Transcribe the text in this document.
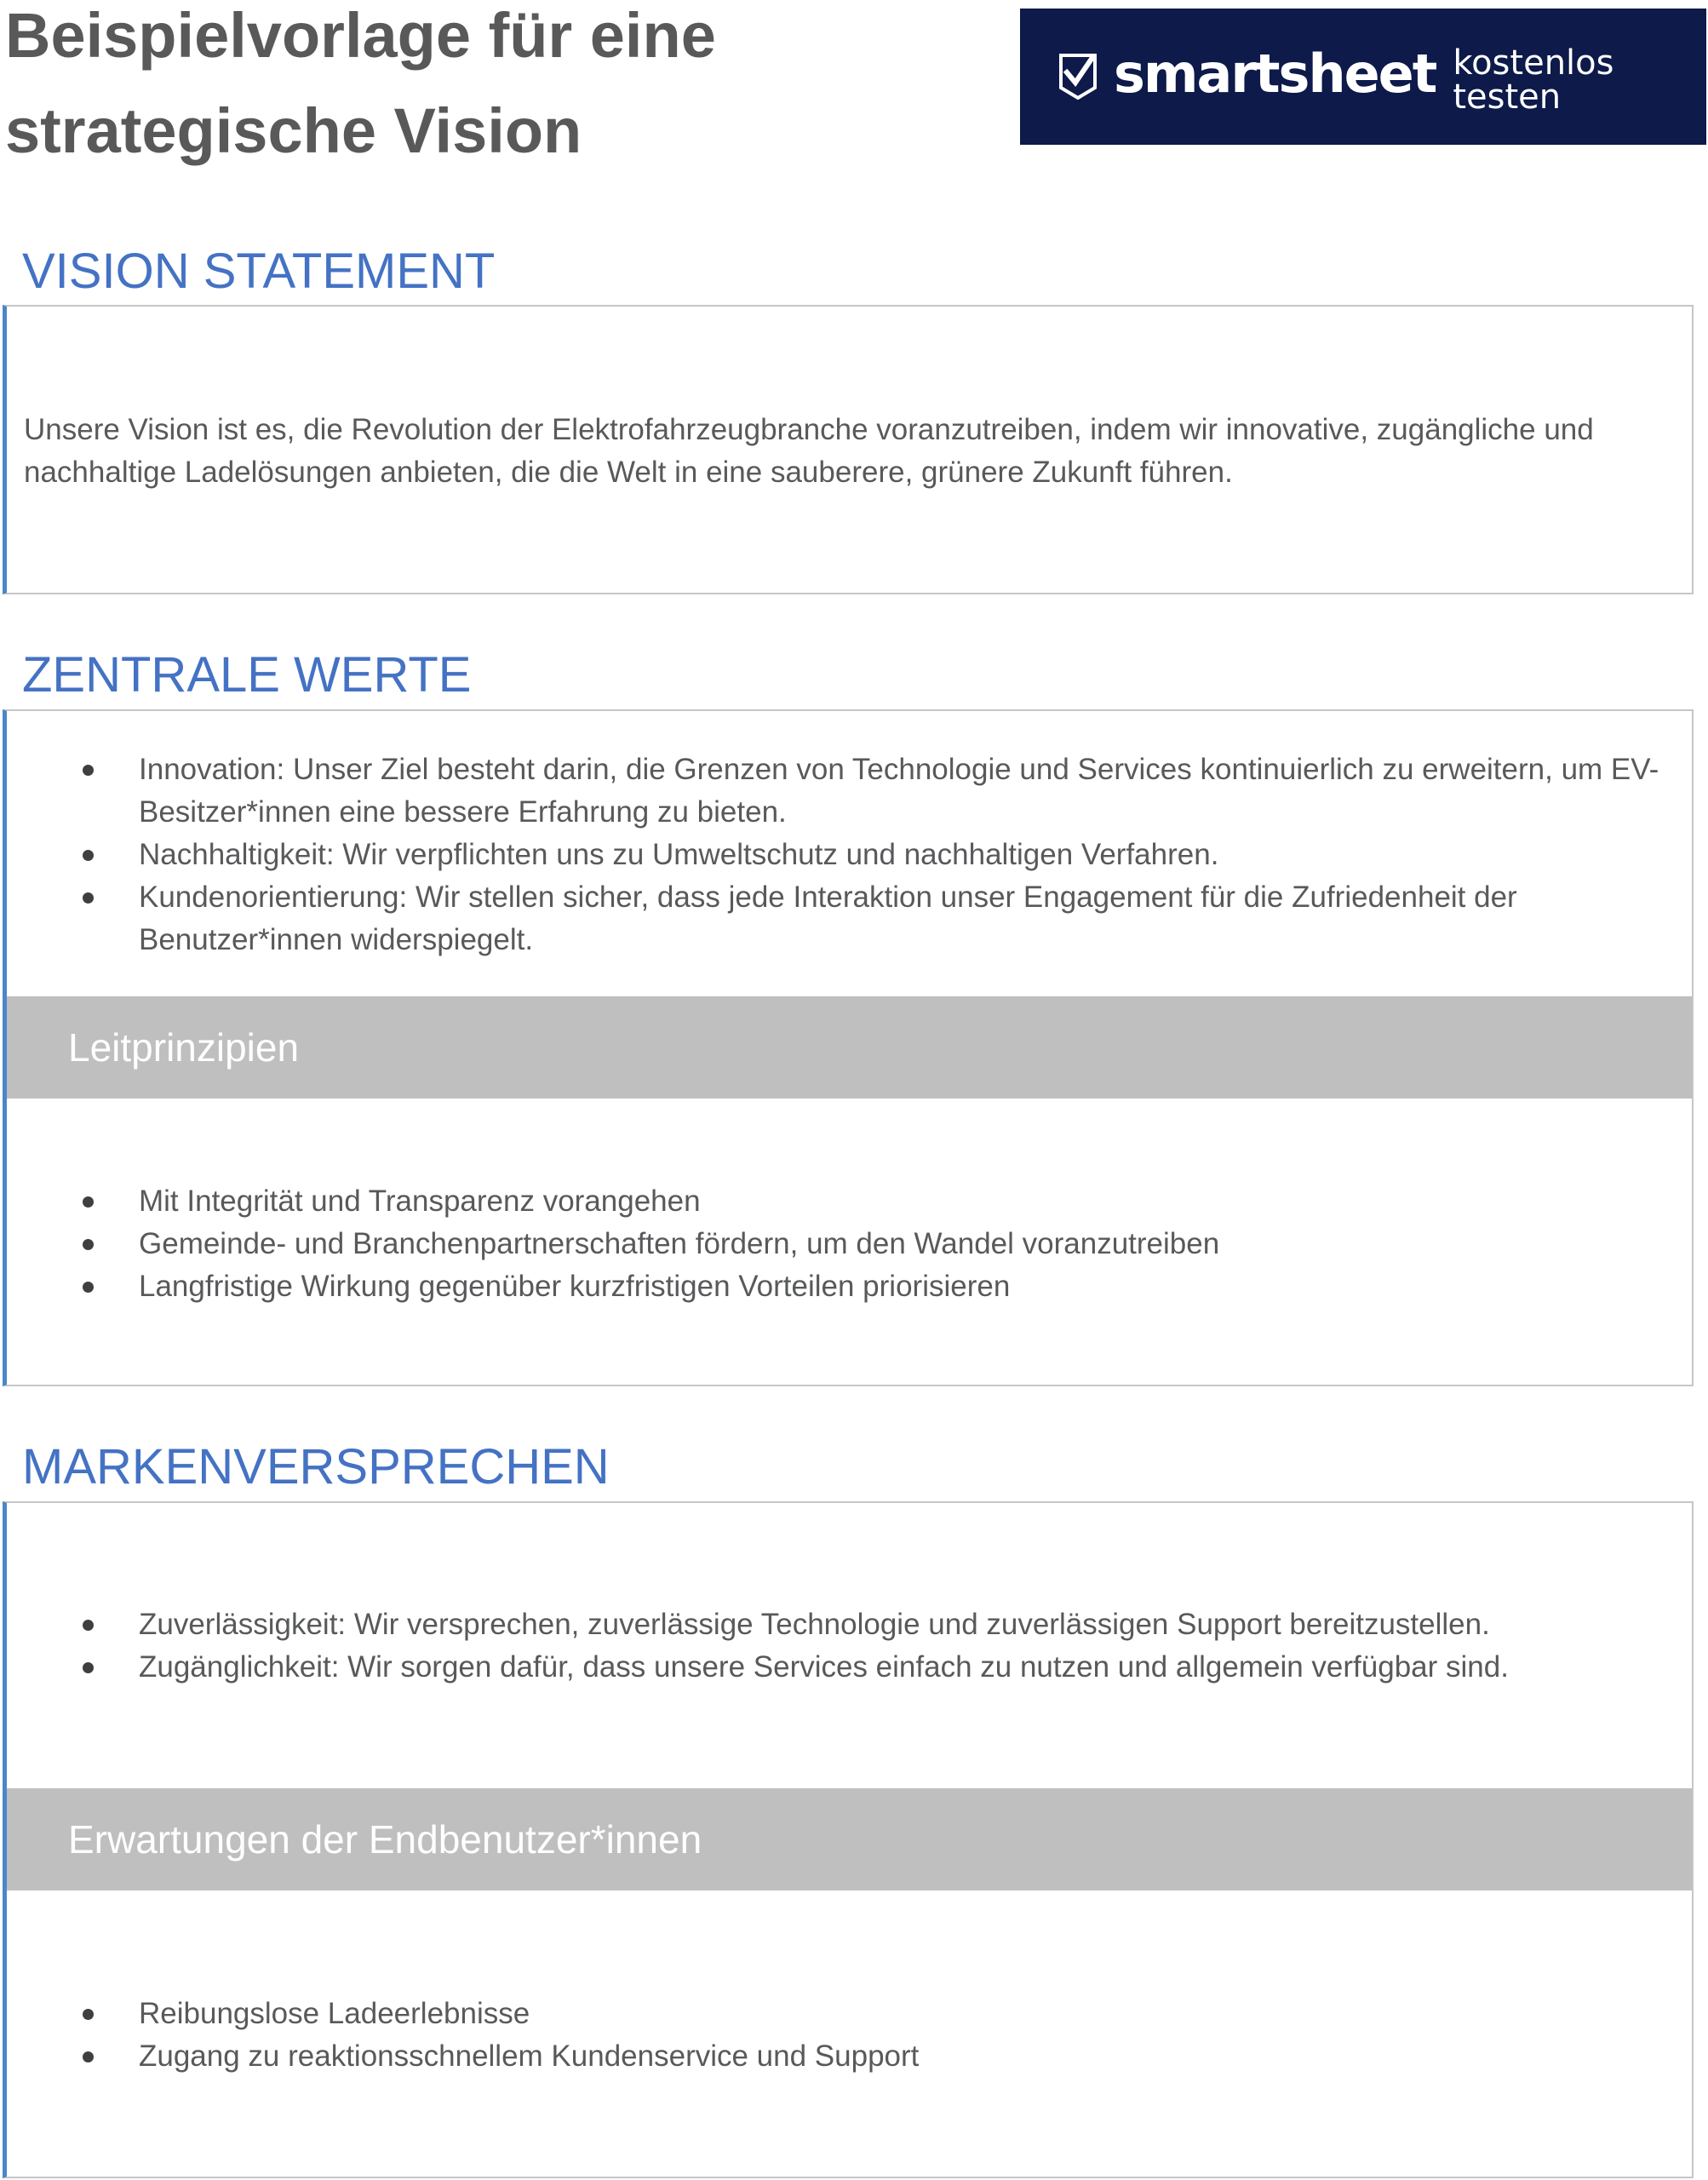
Beispielvorlage für eine
strategische Vision
smartsheet kostenlos testen
VISION STATEMENT
Unsere Vision ist es, die Revolution der Elektrofahrzeugbranche voranzutreiben, indem wir innovative, zugängliche und nachhaltige Ladelösungen anbieten, die die Welt in eine sauberere, grünere Zukunft führen.
ZENTRALE WERTE
Innovation: Unser Ziel besteht darin, die Grenzen von Technologie und Services kontinuierlich zu erweitern, um EV-Besitzer*innen eine bessere Erfahrung zu bieten.
Nachhaltigkeit: Wir verpflichten uns zu Umweltschutz und nachhaltigen Verfahren.
Kundenorientierung: Wir stellen sicher, dass jede Interaktion unser Engagement für die Zufriedenheit der Benutzer*innen widerspiegelt.
Leitprinzipien
Mit Integrität und Transparenz vorangehen
Gemeinde- und Branchenpartnerschaften fördern, um den Wandel voranzutreiben
Langfristige Wirkung gegenüber kurzfristigen Vorteilen priorisieren
MARKENVERSPRECHEN
Zuverlässigkeit: Wir versprechen, zuverlässige Technologie und zuverlässigen Support bereitzustellen.
Zugänglichkeit: Wir sorgen dafür, dass unsere Services einfach zu nutzen und allgemein verfügbar sind.
Erwartungen der Endbenutzer*innen
Reibungslose Ladeerlebnisse
Zugang zu reaktionsschnellem Kundenservice und Support
